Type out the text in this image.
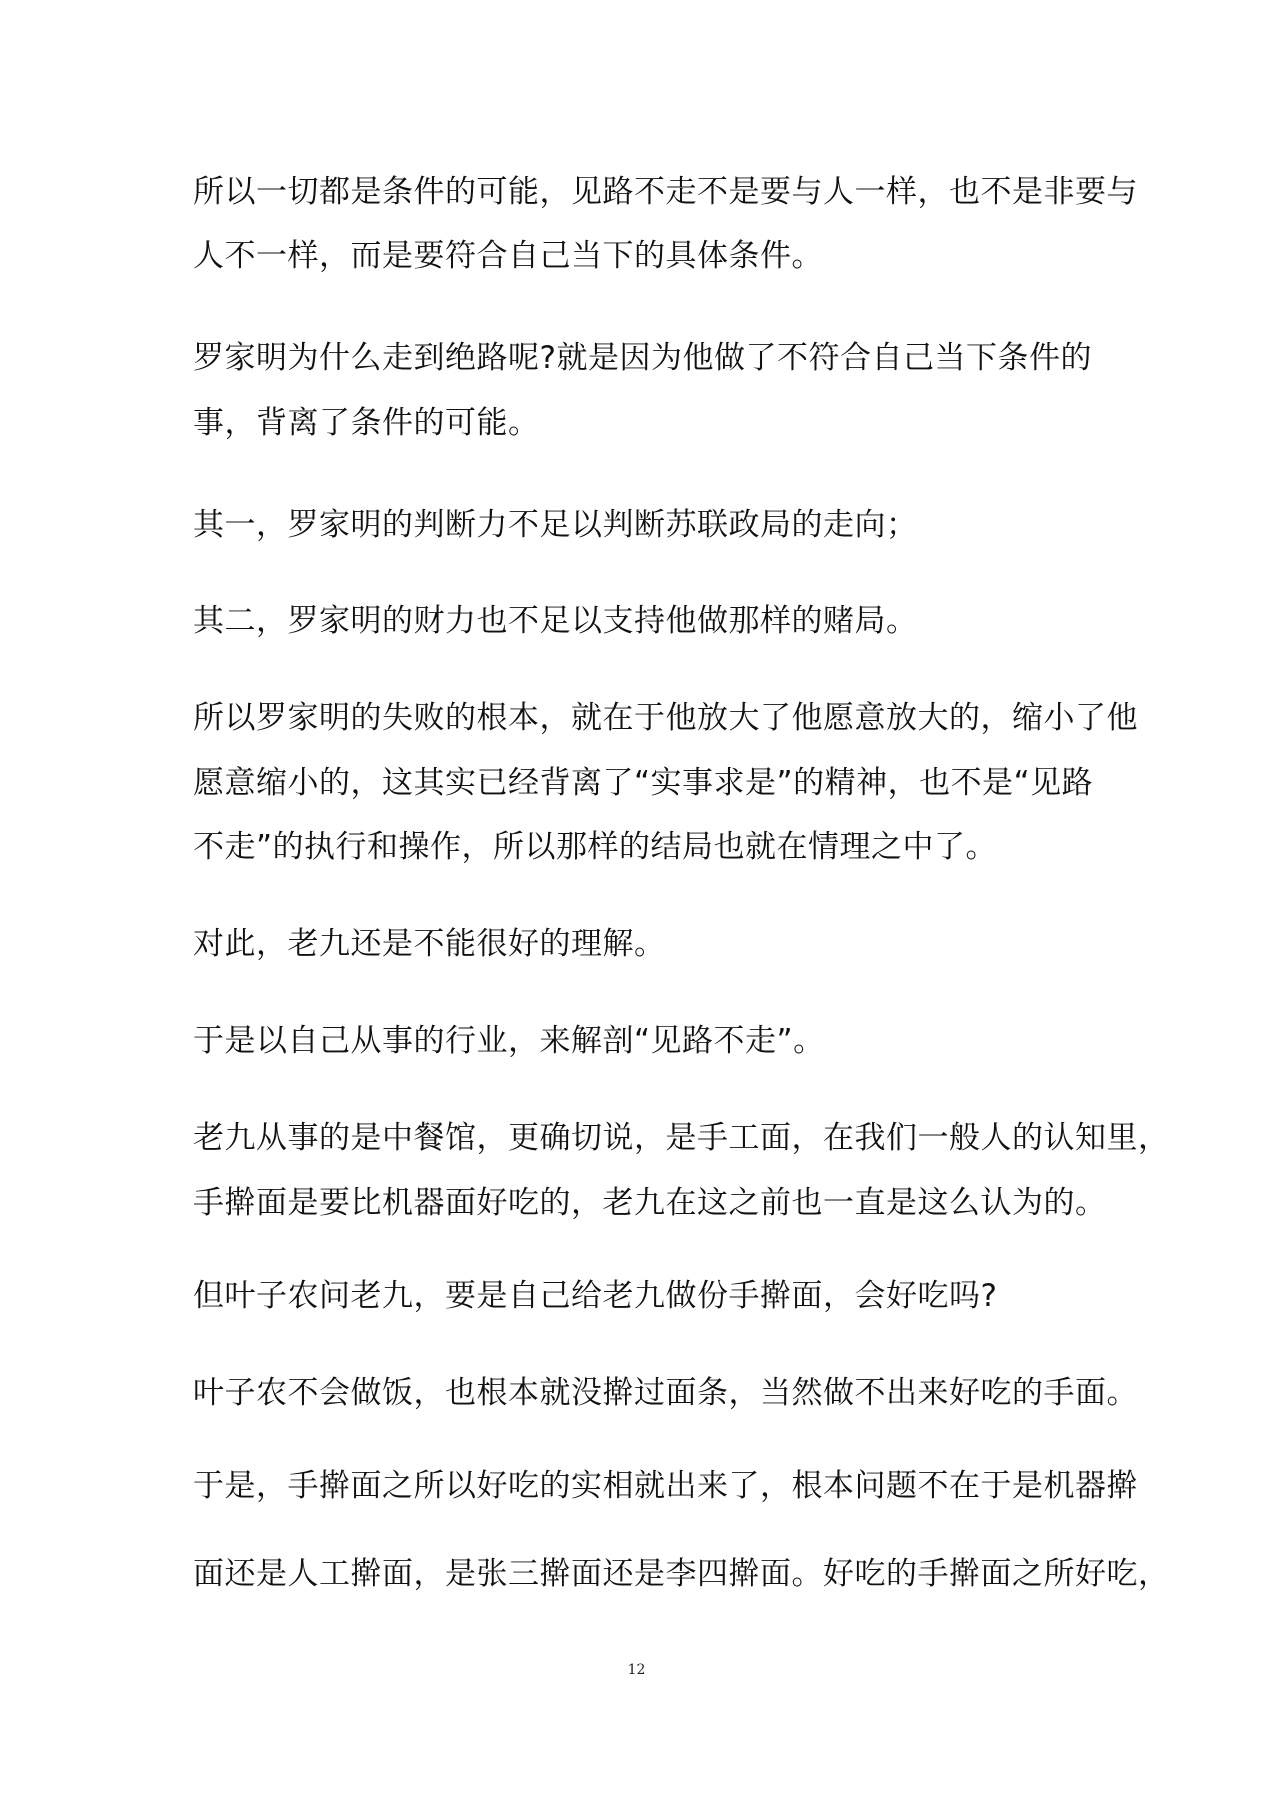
所以一切都是条件的可能，见路不走不是要与人一样，也不是非要与
人不一样，而是要符合自己当下的具体条件。
罗家明为什么走到绝路呢?就是因为他做了不符合自己当下条件的
事，背离了条件的可能。
其一，罗家明的判断力不足以判断苏联政局的走向；
其二，罗家明的财力也不足以支持他做那样的赌局。
所以罗家明的失败的根本，就在于他放大了他愿意放大的，缩小了他
愿意缩小的，这其实已经背离了“实事求是”的精神，也不是“见路
不走”的执行和操作，所以那样的结局也就在情理之中了。
对此，老九还是不能很好的理解。
于是以自己从事的行业，来解剖“见路不走”。
老九从事的是中餐馆，更确切说，是手工面，在我们一般人的认知里，
手擀面是要比机器面好吃的，老九在这之前也一直是这么认为的。
但叶子农问老九，要是自己给老九做份手擀面，会好吃吗?
叶子农不会做饭，也根本就没擀过面条，当然做不出来好吃的手面。
于是，手擀面之所以好吃的实相就出来了，根本问题不在于是机器擀
面还是人工擀面，是张三擀面还是李四擀面。好吃的手擀面之所好吃，
12
